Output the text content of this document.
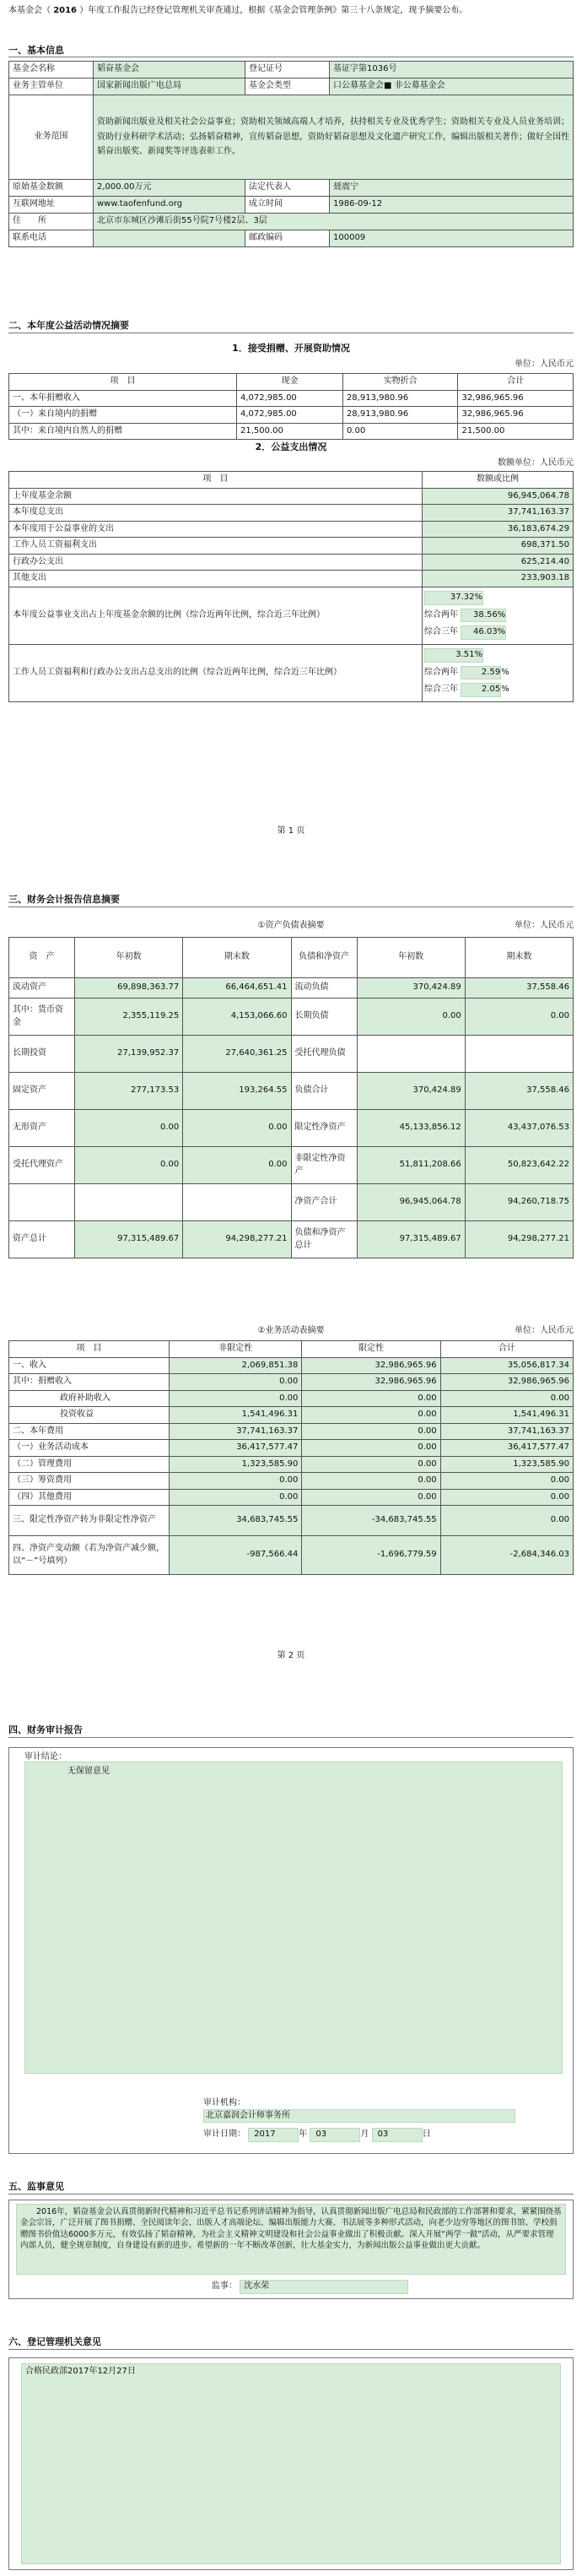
本基金会（ 2016 ）年度工作报告已经登记管理机关审查通过，根据《基金会管理条例》第三十八条规定，现予摘要公布。
一、基本信息
基金会名称	韬奋基金会	登记证号	基证字第1036号
业务主管单位	国家新闻出版广电总局	基金会类型	口公募基金会■ 非公募基金会
业务范围	资助新闻出版业及相关社会公益事业；资助相关领域高端人才培养，扶持相关专业及优秀学生；资助相关专业及人员业务培训；资助行业科研学术活动；弘扬韬奋精神，宣传韬奋思想，资助好韬奋思想及文化遗产研究工作，编辑出版相关著作；做好全国性韬奋出版奖、新闻奖等评选表彰工作。		
原始基金数额	2,000.00万元	法定代表人	聂震宁
互联网地址	www.taofenfund.org	成立时间	1986-09-12
住　　所	北京市东城区沙滩后街55号院7号楼2层、3层		
联系电话		邮政编码	100009
二、本年度公益活动情况摘要
1．接受捐赠、开展资助情况
单位：人民币元
项　目	现金	实物折合	合计
一、本年捐赠收入	4,072,985.00	28,913,980.96	32,986,965.96
（一）来自境内的捐赠	4,072,985.00	28,913,980.96	32,986,965.96
其中：来自境内自然人的捐赠	21,500.00	0.00	21,500.00
2．公益支出情况
数额单位：人民币元
项　目	数额或比例
上年度基金余额	96,945,064.78
本年度总支出	37,741,163.37
本年度用于公益事业的支出	36,183,674.29
工作人员工资福利支出	698,371.50
行政办公支出	625,214.40
其他支出	233,903.18
本年度公益事业支出占上年度基金余额的比例（综合近两年比例，综合近三年比例）	37.32%
综合两年 38.56%
综合三年 46.03%

工作人员工资福利和行政办公支出占总支出的比例（综合近两年比例，综合近三年比例）	3.51%
综合两年 2.59%
综合三年 2.05%
第 1 页
三、财务会计报告信息摘要
①资产负债表摘要	单位：人民币元
资　产	年初数	期末数	负债和净资产	年初数	期末数
流动资产	69,898,363.77	66,464,651.41	流动负债	370,424.89	37,558.46
其中：货币资金	2,355,119.25	4,153,066.60	长期负债	0.00	0.00
长期投资	27,139,952.37	27,640,361.25	受托代理负债		
固定资产	277,173.53	193,264.55	负债合计	370,424.89	37,558.46
无形资产	0.00	0.00	限定性净资产	45,133,856.12	43,437,076.53
受托代理资产	0.00	0.00	非限定性净资产	51,811,208.66	50,823,642.22
			净资产合计	96,945,064.78	94,260,718.75
资产总计	97,315,489.67	94,298,277.21	负债和净资产总计	97,315,489.67	94,298,277.21
②业务活动表摘要	单位：人民币元
项　目	非限定性	限定性	合计
一、收入	2,069,851.38	32,986,965.96	35,056,817.34
其中：捐赠收入	0.00	32,986,965.96	32,986,965.96
政府补助收入	0.00	0.00	0.00
投资收益	1,541,496.31	0.00	1,541,496.31
二、本年费用	37,741,163.37	0.00	37,741,163.37
（一）业务活动成本	36,417,577.47	0.00	36,417,577.47
（二）管理费用	1,323,585.90	0.00	1,323,585.90
（三）筹资费用	0.00	0.00	0.00
（四）其他费用	0.00	0.00	0.00
三、限定性净资产转为非限定性净资产	34,683,745.55	-34,683,745.55	0.00
四、净资产变动额（若为净资产减少额，以“－”号填列）	-987,566.44	-1,696,779.59	-2,684,346.03
第 2 页
四、财务审计报告
审计结论：
无保留意见
审计机构：
北京嘉润会计师事务所
审计日期： 2017	年 03	月 03	日
五、监事意见
2016年，韬奋基金会认真贯彻新时代精神和习近平总书记系列讲话精神为指导，认真贯彻新闻出版广电总局和民政部的工作部署和要求，紧紧围绕基金会宗旨，广泛开展了图书捐赠、全民阅读年会、出版人才高端论坛、编辑出版能力大赛、书法展等多种形式活动，向老少边穷等地区的图书馆、学校捐赠图书价值达6000多万元，有效弘扬了韬奋精神，为社会主义精神文明建设和社会公益事业做出了积极贡献。深入开展“两学一做”活动，从严要求管理内部人员，健全规章制度，自身建设有新的进步。希望新的一年不断改革创新，壮大基金实力，为新闻出版公益事业做出更大贡献。
监事： 沈水荣
六、登记管理机关意见
合格民政部2017年12月27日
